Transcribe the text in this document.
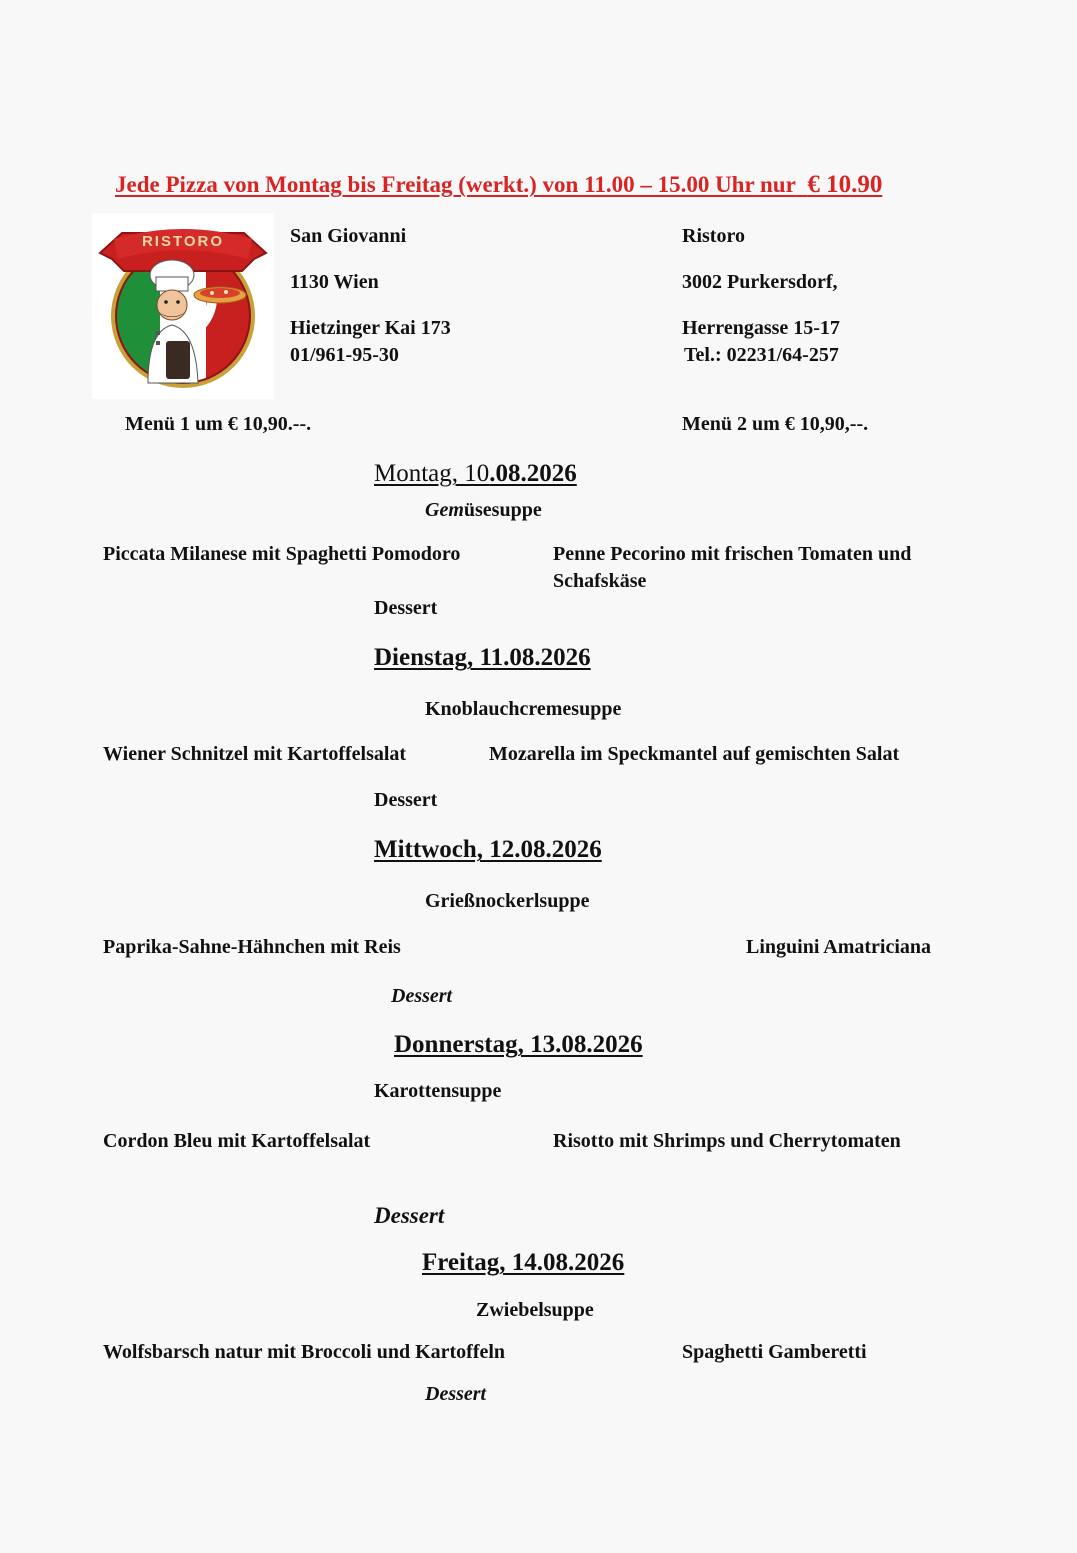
Jede Pizza von Montag bis Freitag (werkt.) von 11.00 – 15.00 Uhr nur € 10.90
RISTORO	San Giovanni
1130 Wien
Hietzinger Kai 173
01/961-95-30
Ristoro
3002 Purkersdorf,
Herrengasse 15-17
Tel.: 02231/64-257
Menü 1 um € 10,90.--.	Menü 2 um € 10,90,--.
Montag, 10.08.2026
Gemüsesuppe
Piccata Milanese mit Spaghetti Pomodoro	Penne Pecorino mit frischen Tomaten und
Schafskäse
Dessert
Dienstag, 11.08.2026
Knoblauchcremesuppe
Wiener Schnitzel mit Kartoffelsalat	Mozarella im Speckmantel auf gemischten Salat
Dessert
Mittwoch, 12.08.2026
Grießnockerlsuppe
Paprika-Sahne-Hähnchen mit Reis	Linguini Amatriciana
Dessert
Donnerstag, 13.08.2026
Karottensuppe
Cordon Bleu mit Kartoffelsalat	Risotto mit Shrimps und Cherrytomaten
Dessert
Freitag, 14.08.2026
Zwiebelsuppe
Wolfsbarsch natur mit Broccoli und Kartoffeln	Spaghetti Gamberetti
Dessert
